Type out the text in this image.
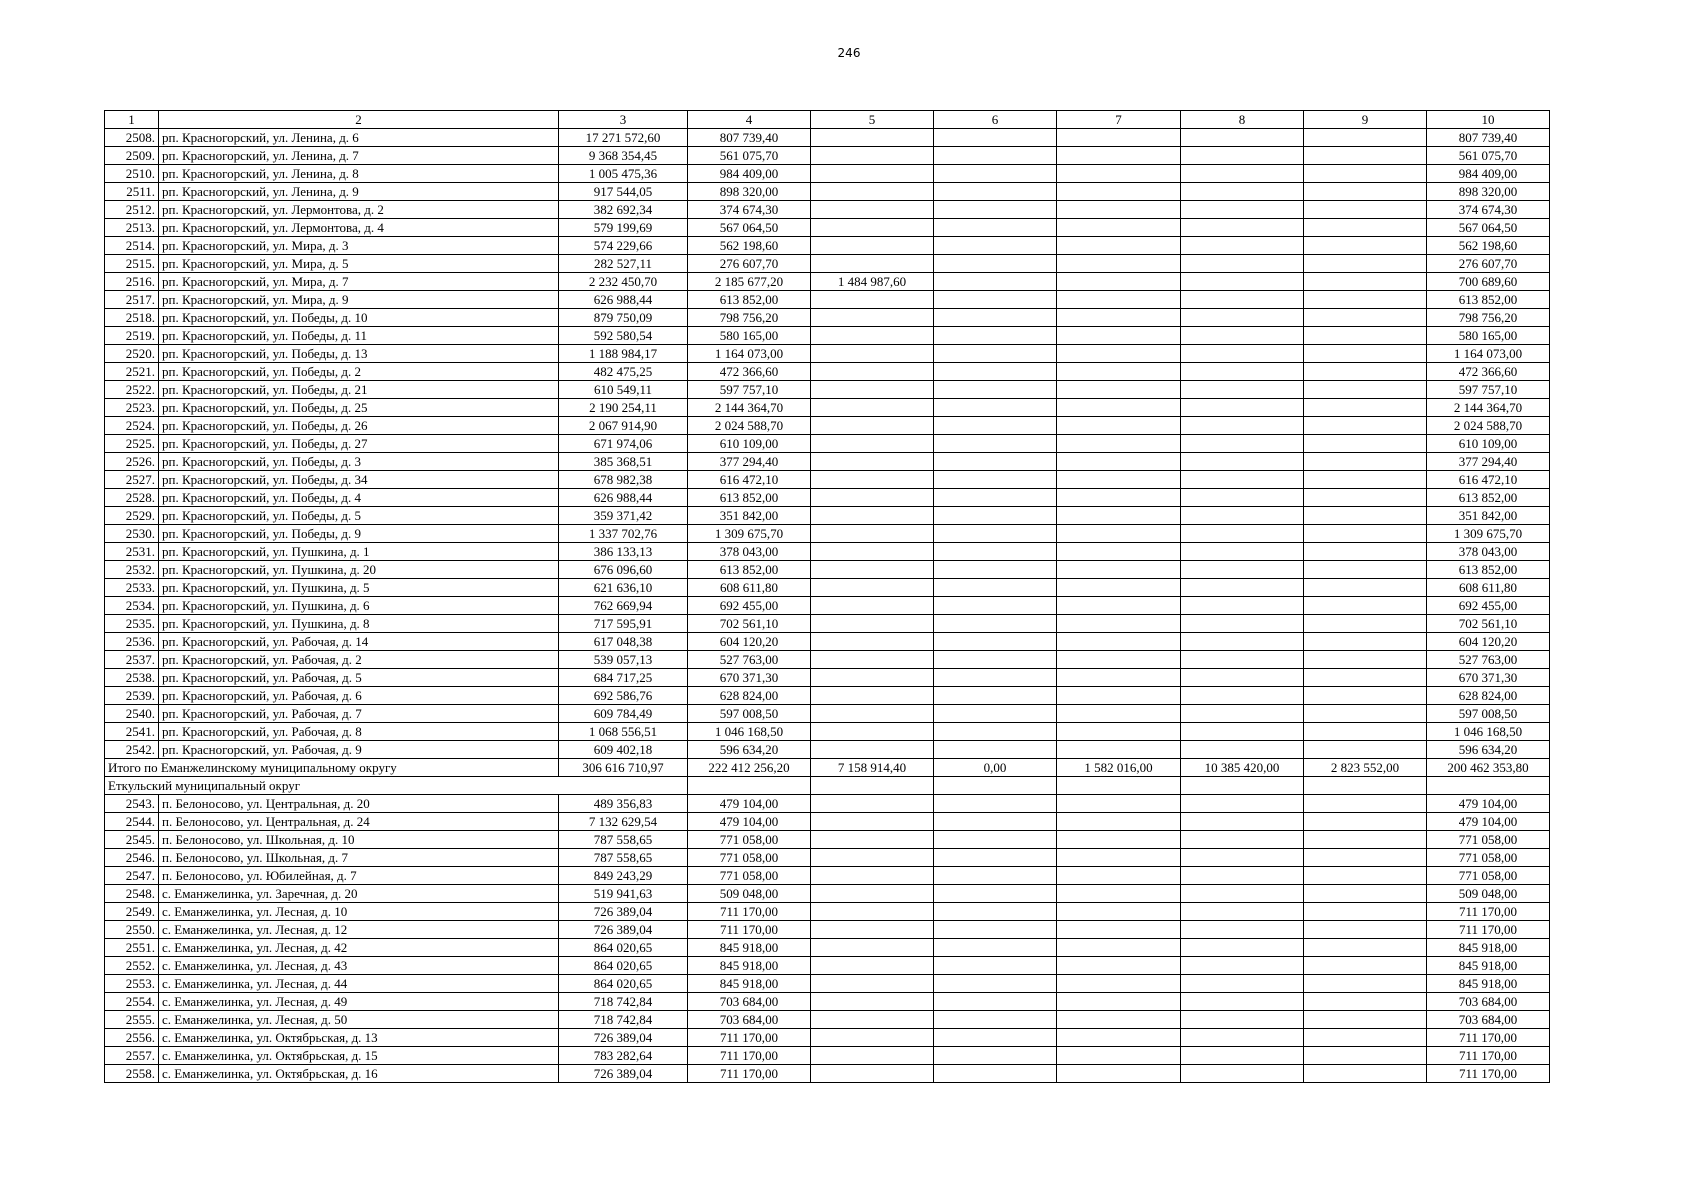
246
1	2	3	4	5	6	7	8	9	10
2508.	рп. Красногорский, ул. Ленина, д. 6	17 271 572,60	807 739,40						807 739,40
2509.	рп. Красногорский, ул. Ленина, д. 7	9 368 354,45	561 075,70						561 075,70
2510.	рп. Красногорский, ул. Ленина, д. 8	1 005 475,36	984 409,00						984 409,00
2511.	рп. Красногорский, ул. Ленина, д. 9	917 544,05	898 320,00						898 320,00
2512.	рп. Красногорский, ул. Лермонтова, д. 2	382 692,34	374 674,30						374 674,30
2513.	рп. Красногорский, ул. Лермонтова, д. 4	579 199,69	567 064,50						567 064,50
2514.	рп. Красногорский, ул. Мира, д. 3	574 229,66	562 198,60						562 198,60
2515.	рп. Красногорский, ул. Мира, д. 5	282 527,11	276 607,70						276 607,70
2516.	рп. Красногорский, ул. Мира, д. 7	2 232 450,70	2 185 677,20	1 484 987,60					700 689,60
2517.	рп. Красногорский, ул. Мира, д. 9	626 988,44	613 852,00						613 852,00
2518.	рп. Красногорский, ул. Победы, д. 10	879 750,09	798 756,20						798 756,20
2519.	рп. Красногорский, ул. Победы, д. 11	592 580,54	580 165,00						580 165,00
2520.	рп. Красногорский, ул. Победы, д. 13	1 188 984,17	1 164 073,00						1 164 073,00
2521.	рп. Красногорский, ул. Победы, д. 2	482 475,25	472 366,60						472 366,60
2522.	рп. Красногорский, ул. Победы, д. 21	610 549,11	597 757,10						597 757,10
2523.	рп. Красногорский, ул. Победы, д. 25	2 190 254,11	2 144 364,70						2 144 364,70
2524.	рп. Красногорский, ул. Победы, д. 26	2 067 914,90	2 024 588,70						2 024 588,70
2525.	рп. Красногорский, ул. Победы, д. 27	671 974,06	610 109,00						610 109,00
2526.	рп. Красногорский, ул. Победы, д. 3	385 368,51	377 294,40						377 294,40
2527.	рп. Красногорский, ул. Победы, д. 34	678 982,38	616 472,10						616 472,10
2528.	рп. Красногорский, ул. Победы, д. 4	626 988,44	613 852,00						613 852,00
2529.	рп. Красногорский, ул. Победы, д. 5	359 371,42	351 842,00						351 842,00
2530.	рп. Красногорский, ул. Победы, д. 9	1 337 702,76	1 309 675,70						1 309 675,70
2531.	рп. Красногорский, ул. Пушкина, д. 1	386 133,13	378 043,00						378 043,00
2532.	рп. Красногорский, ул. Пушкина, д. 20	676 096,60	613 852,00						613 852,00
2533.	рп. Красногорский, ул. Пушкина, д. 5	621 636,10	608 611,80						608 611,80
2534.	рп. Красногорский, ул. Пушкина, д. 6	762 669,94	692 455,00						692 455,00
2535.	рп. Красногорский, ул. Пушкина, д. 8	717 595,91	702 561,10						702 561,10
2536.	рп. Красногорский, ул. Рабочая, д. 14	617 048,38	604 120,20						604 120,20
2537.	рп. Красногорский, ул. Рабочая, д. 2	539 057,13	527 763,00						527 763,00
2538.	рп. Красногорский, ул. Рабочая, д. 5	684 717,25	670 371,30						670 371,30
2539.	рп. Красногорский, ул. Рабочая, д. 6	692 586,76	628 824,00						628 824,00
2540.	рп. Красногорский, ул. Рабочая, д. 7	609 784,49	597 008,50						597 008,50
2541.	рп. Красногорский, ул. Рабочая, д. 8	1 068 556,51	1 046 168,50						1 046 168,50
2542.	рп. Красногорский, ул. Рабочая, д. 9	609 402,18	596 634,20						596 634,20
Итого по Еманжелинскому муниципальному округу		306 616 710,97	222 412 256,20	7 158 914,40	0,00	1 582 016,00	10 385 420,00	2 823 552,00	200 462 353,80
Еткульский муниципальный округ									
2543.	п. Белоносово, ул. Центральная, д. 20	489 356,83	479 104,00						479 104,00
2544.	п. Белоносово, ул. Центральная, д. 24	7 132 629,54	479 104,00						479 104,00
2545.	п. Белоносово, ул. Школьная, д. 10	787 558,65	771 058,00						771 058,00
2546.	п. Белоносово, ул. Школьная, д. 7	787 558,65	771 058,00						771 058,00
2547.	п. Белоносово, ул. Юбилейная, д. 7	849 243,29	771 058,00						771 058,00
2548.	с. Еманжелинка, ул. Заречная, д. 20	519 941,63	509 048,00						509 048,00
2549.	с. Еманжелинка, ул. Лесная, д. 10	726 389,04	711 170,00						711 170,00
2550.	с. Еманжелинка, ул. Лесная, д. 12	726 389,04	711 170,00						711 170,00
2551.	с. Еманжелинка, ул. Лесная, д. 42	864 020,65	845 918,00						845 918,00
2552.	с. Еманжелинка, ул. Лесная, д. 43	864 020,65	845 918,00						845 918,00
2553.	с. Еманжелинка, ул. Лесная, д. 44	864 020,65	845 918,00						845 918,00
2554.	с. Еманжелинка, ул. Лесная, д. 49	718 742,84	703 684,00						703 684,00
2555.	с. Еманжелинка, ул. Лесная, д. 50	718 742,84	703 684,00						703 684,00
2556.	с. Еманжелинка, ул. Октябрьская, д. 13	726 389,04	711 170,00						711 170,00
2557.	с. Еманжелинка, ул. Октябрьская, д. 15	783 282,64	711 170,00						711 170,00
2558.	с. Еманжелинка, ул. Октябрьская, д. 16	726 389,04	711 170,00						711 170,00
